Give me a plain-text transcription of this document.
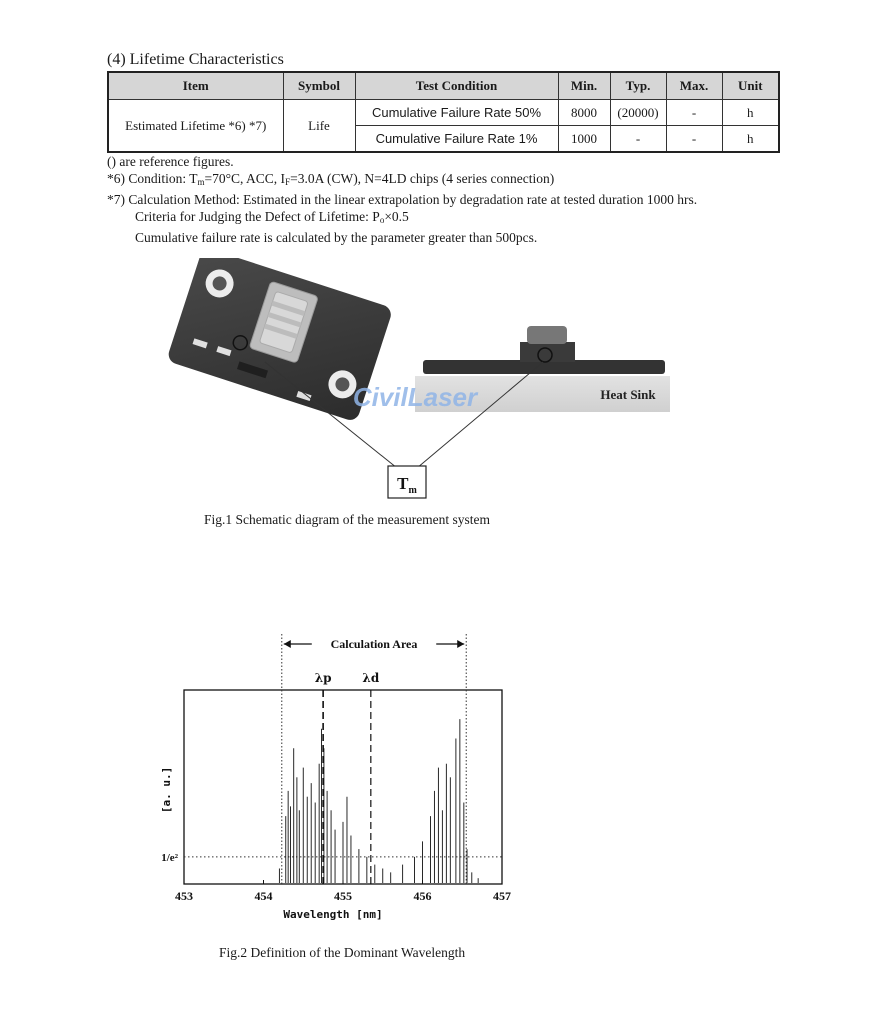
(4) Lifetime Characteristics
Item	Symbol	Test Condition	Min.	Typ.	Max.	Unit
Estimated Lifetime *6) *7)	Life	Cumulative Failure Rate 50%	8000	(20000)	-	h
		Cumulative Failure Rate 1%	1000	-	-	h
() are reference figures.
*6) Condition: $T_m=70^\circ C$, ACC, $I_F=3.0A$ (CW), N=4LD chips (4 series connection)
*7) Calculation Method: Estimated in the linear extrapolation by degradation rate at tested duration 1000 hrs.
Criteria for Judging the Defect of Lifetime: $P_o\times 0.5$
Cumulative failure rate is calculated by the parameter greater than 500pcs.
Heat Sink
CivilLaser
$T_m$
Fig.1 Schematic diagram of the measurement system
Calculation Area
1/e²
λp	λd
453	454	455	456	457
Wavelength [nm]
[a. u.]
Fig.2 Definition of the Dominant Wavelength
